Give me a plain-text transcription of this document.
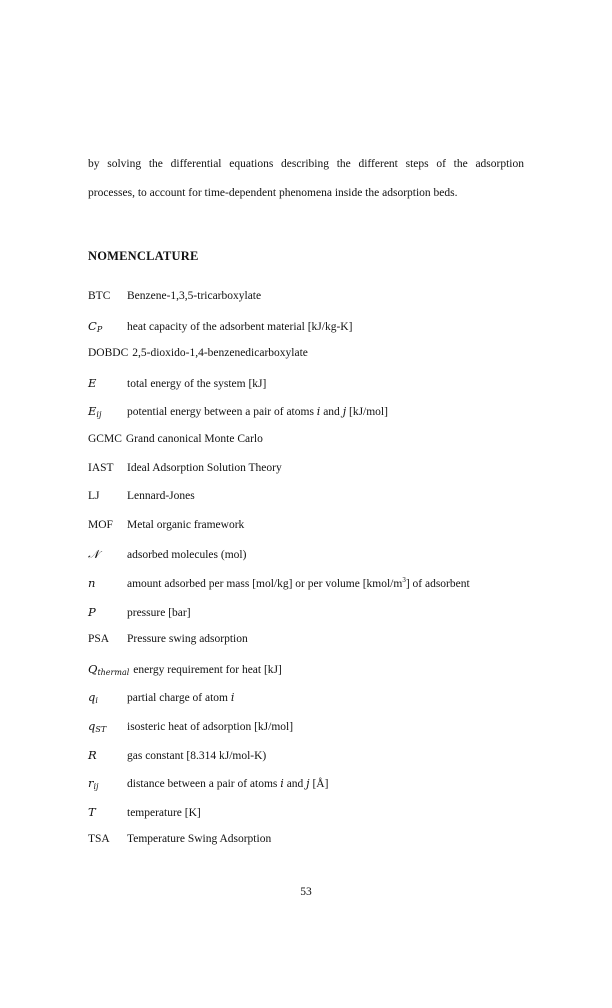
by solving the differential equations describing the different steps of the adsorption
processes, to account for time-dependent phenomena inside the adsorption beds.
NOMENCLATURE
BTC	Benzene-1,3,5-tricarboxylate
$C_P$	heat capacity of the adsorbent material [kJ/kg-K]
DOBDC 2,5-dioxido-1,4-benzenedicarboxylate
E	total energy of the system [kJ]
$E_{ij}$	potential energy between a pair of atoms i and j [kJ/mol]
GCMC Grand canonical Monte Carlo
IAST	Ideal Adsorption Solution Theory
LJ	Lennard-Jones
MOF	Metal organic framework
𝒩	adsorbed molecules (mol)
n	amount adsorbed per mass [mol/kg] or per volume $[kmol/m^3]$ of adsorbent
P	pressure [bar]
PSA	Pressure swing adsorption
$Q_{thermal}$ energy requirement for heat [kJ]
$q_i$	partial charge of atom i
$q_{ST}$	isosteric heat of adsorption [kJ/mol]
R	gas constant [8.314 kJ/mol-K)
$r_{ij}$	distance between a pair of atoms i and j [Å]
T	temperature [K]
TSA	Temperature Swing Adsorption
53
